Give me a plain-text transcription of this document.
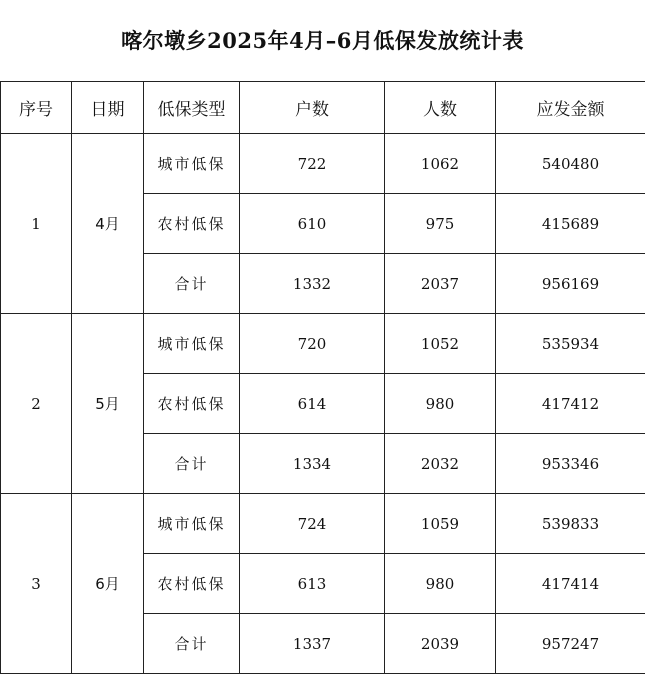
喀尔墩乡2025年4月–6月低保发放统计表
序号	日期	低保类型	户数	人数	应发金额
1	4月	城市低保	722	1062	540480
		农村低保	610	975	415689
		合计	1332	2037	956169
2	5月	城市低保	720	1052	535934
		农村低保	614	980	417412
		合计	1334	2032	953346
3	6月	城市低保	724	1059	539833
		农村低保	613	980	417414
		合计	1337	2039	957247
